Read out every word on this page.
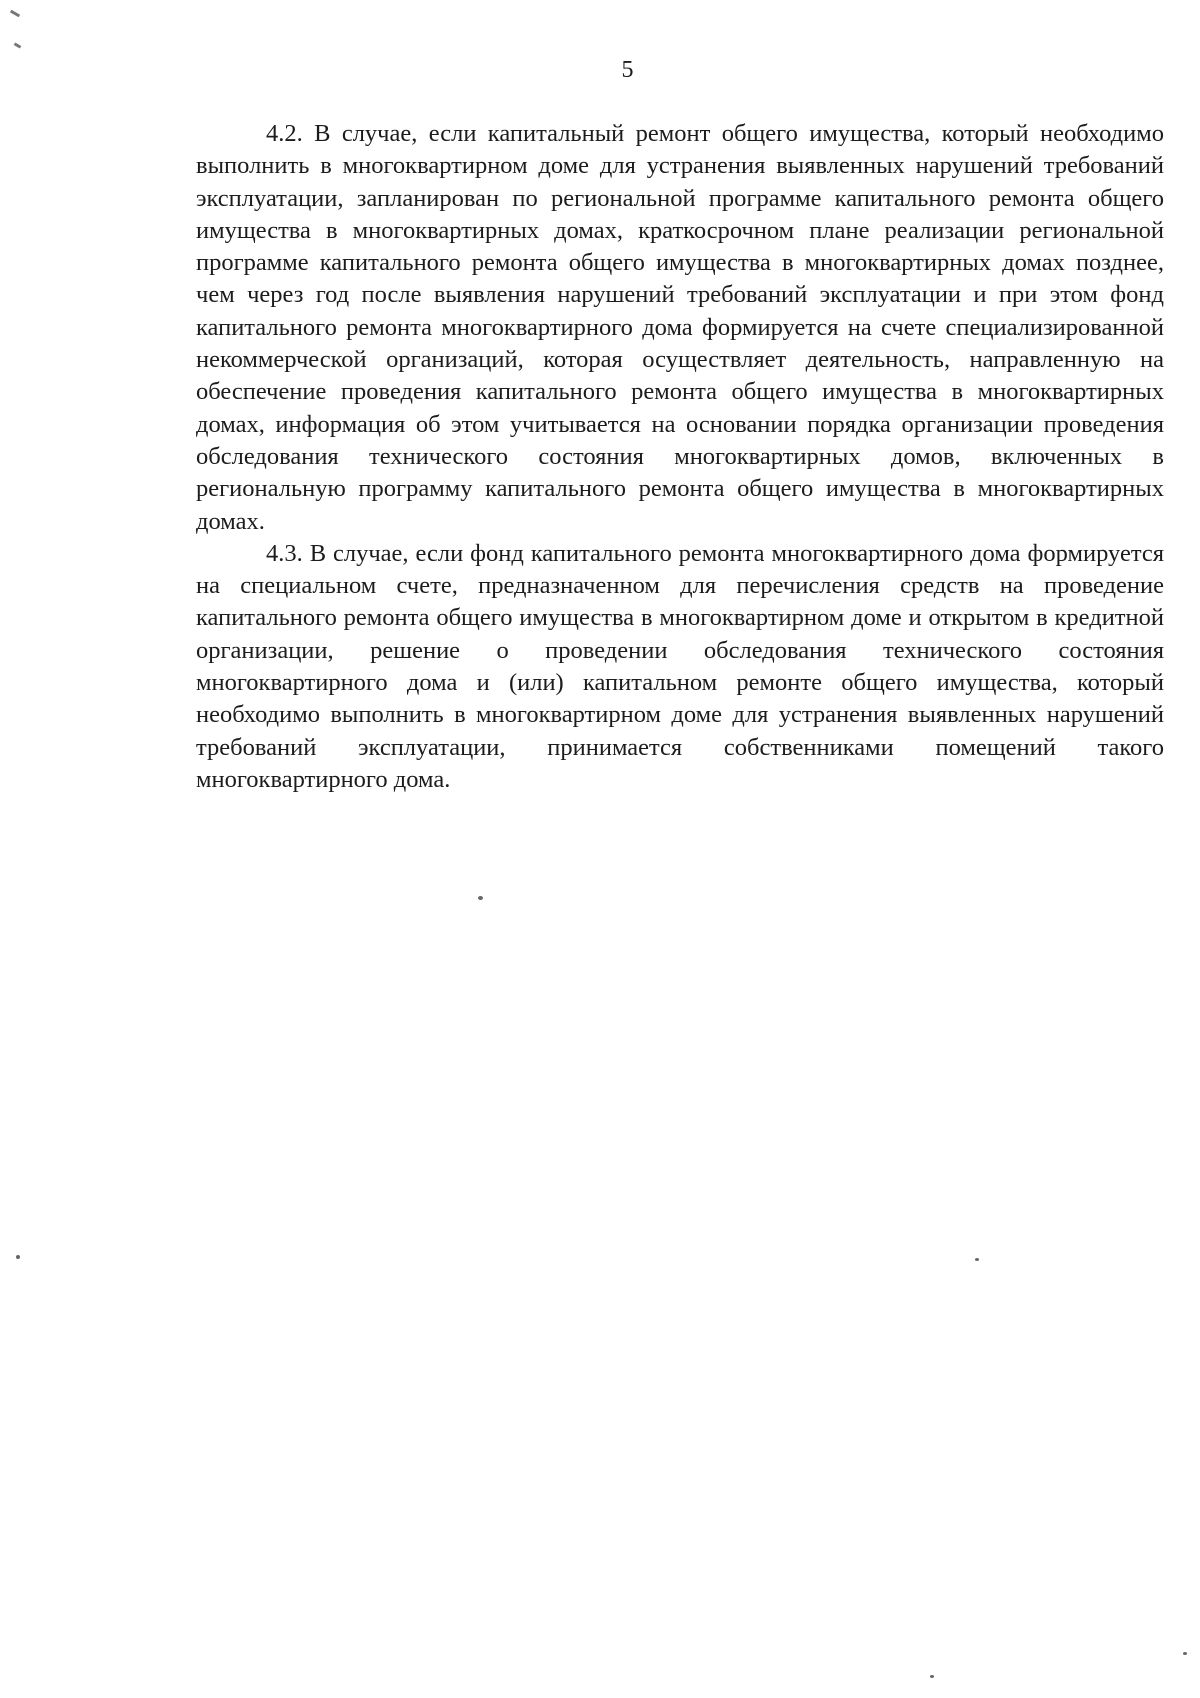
5

4.2. В случае, если капитальный ремонт общего имущества, который необходимо выполнить в многоквартирном доме для устранения выявленных нарушений требований эксплуатации, запланирован по региональной программе капитального ремонта общего имущества в многоквартирных домах, краткосрочном плане реализации региональной программе капитального ремонта общего имущества в многоквартирных домах позднее, чем через год после выявления нарушений требований эксплуатации и при этом фонд капитального ремонта многоквартирного дома формируется на счете специализированной некоммерческой организаций, которая осуществляет деятельность, направленную на обеспечение проведения капитального ремонта общего имущества в многоквартирных домах, информация об этом учитывается на основании порядка организации проведения обследования технического состояния многоквартирных домов, включенных в региональную программу капитального ремонта общего имущества в многоквартирных домах.

4.3. В случае, если фонд капитального ремонта многоквартирного дома формируется на специальном счете, предназначенном для перечисления средств на проведение капитального ремонта общего имущества в многоквартирном доме и открытом в кредитной организации, решение о проведении обследования технического состояния многоквартирного дома и (или) капитальном ремонте общего имущества, который необходимо выполнить в многоквартирном доме для устранения выявленных нарушений требований эксплуатации, принимается собственниками помещений такого многоквартирного дома.
